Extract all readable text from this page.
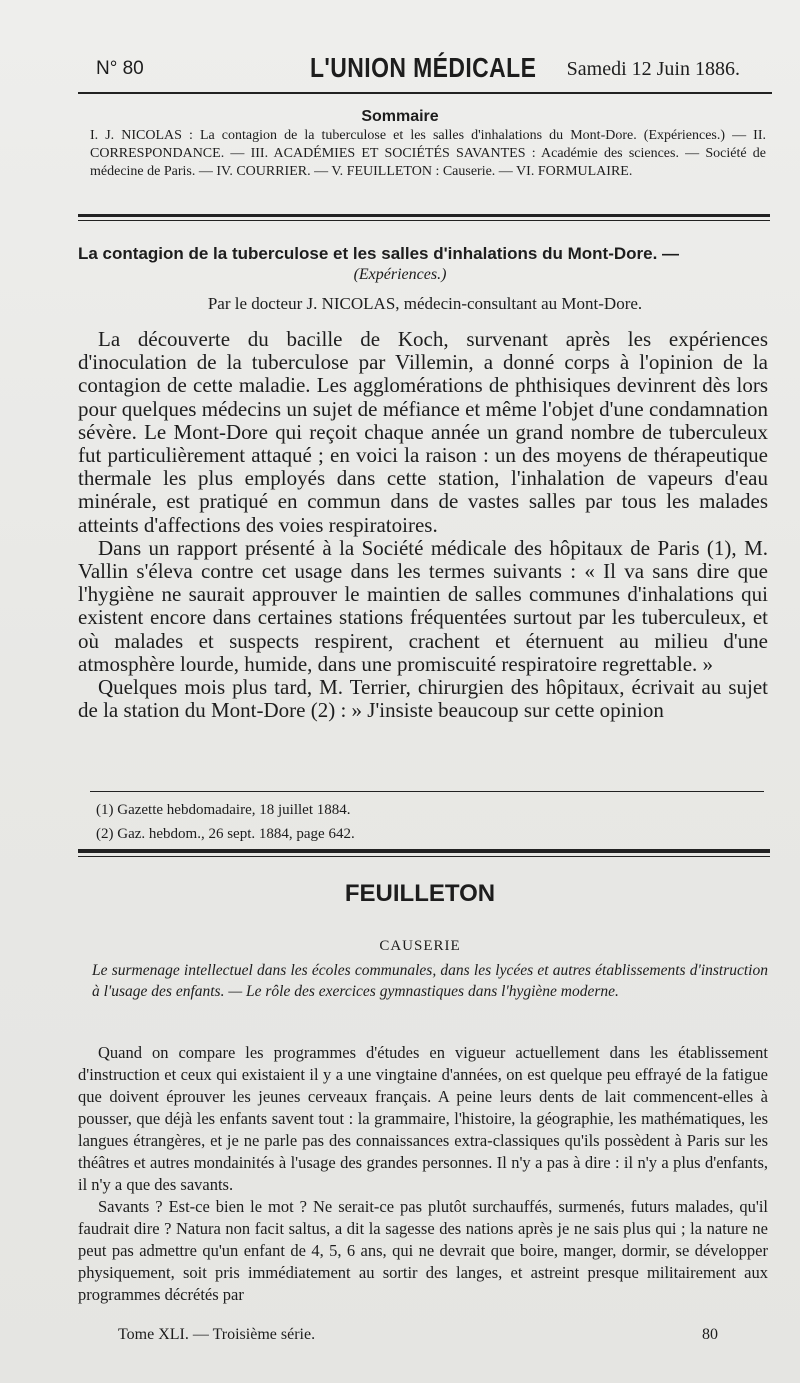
N° 80	L'UNION MÉDICALE Samedi 12 Juin 1886.
Sommaire
I. J. NICOLAS : La contagion de la tuberculose et les salles d'inhalations du Mont-Dore. (Expériences.) — II. CORRESPONDANCE. — III. ACADÉMIES ET SOCIÉTÉS SAVANTES : Académie des sciences. — Société de médecine de Paris. — IV. COURRIER. — V. FEUILLETON : Causerie. — VI. FORMULAIRE.
La contagion de la tuberculose et les salles d'inhalations du Mont-Dore. —
(Expériences.)
Par le docteur J. NICOLAS, médecin-consultant au Mont-Dore.

La découverte du bacille de Koch, survenant après les expériences d'inoculation de la tuberculose par Villemin, a donné corps à l'opinion de la contagion de cette maladie. Les agglomérations de phthisiques devinrent dès lors pour quelques médecins un sujet de méfiance et même l'objet d'une condamnation sévère. Le Mont-Dore qui reçoit chaque année un grand nombre de tuberculeux fut particulièrement attaqué ; en voici la raison : un des moyens de thérapeutique thermale les plus employés dans cette station, l'inhalation de vapeurs d'eau minérale, est pratiqué en commun dans de vastes salles par tous les malades atteints d'affections des voies respiratoires.

Dans un rapport présenté à la Société médicale des hôpitaux de Paris (1), M. Vallin s'éleva contre cet usage dans les termes suivants : « Il va sans dire que l'hygiène ne saurait approuver le maintien de salles communes d'inhalations qui existent encore dans certaines stations fréquentées surtout par les tuberculeux, et où malades et suspects respirent, crachent et éternuent au milieu d'une atmosphère lourde, humide, dans une promiscuité respiratoire regrettable. »

Quelques mois plus tard, M. Terrier, chirurgien des hôpitaux, écrivait au sujet de la station du Mont-Dore (2) : » J'insiste beaucoup sur cette opinion

(1) Gazette hebdomadaire, 18 juillet 1884.

(2) Gaz. hebdom., 26 sept. 1884, page 642.

FEUILLETON
CAUSERIE
Le surmenage intellectuel dans les écoles communales, dans les lycées et autres établissements d'instruction à l'usage des enfants. — Le rôle des exercices gymnastiques dans l'hygiène moderne.

Quand on compare les programmes d'études en vigueur actuellement dans les établissement d'instruction et ceux qui existaient il y a une vingtaine d'années, on est quelque peu effrayé de la fatigue que doivent éprouver les jeunes cerveaux français. A peine leurs dents de lait commencent-elles à pousser, que déjà les enfants savent tout : la grammaire, l'histoire, la géographie, les mathématiques, les langues étrangères, et je ne parle pas des connaissances extra-classiques qu'ils possèdent à Paris sur les théâtres et autres mondainités à l'usage des grandes personnes. Il n'y a pas à dire : il n'y a plus d'enfants, il n'y a que des savants.

Savants ? Est-ce bien le mot ? Ne serait-ce pas plutôt surchauffés, surmenés, futurs malades, qu'il faudrait dire ? Natura non facit saltus, a dit la sagesse des nations après je ne sais plus qui ; la nature ne peut pas admettre qu'un enfant de 4, 5, 6 ans, qui ne devrait que boire, manger, dormir, se développer physiquement, soit pris immédiatement au sortir des langes, et astreint presque militairement aux programmes décrétés par

Tome XLI. — Troisième série.	80
